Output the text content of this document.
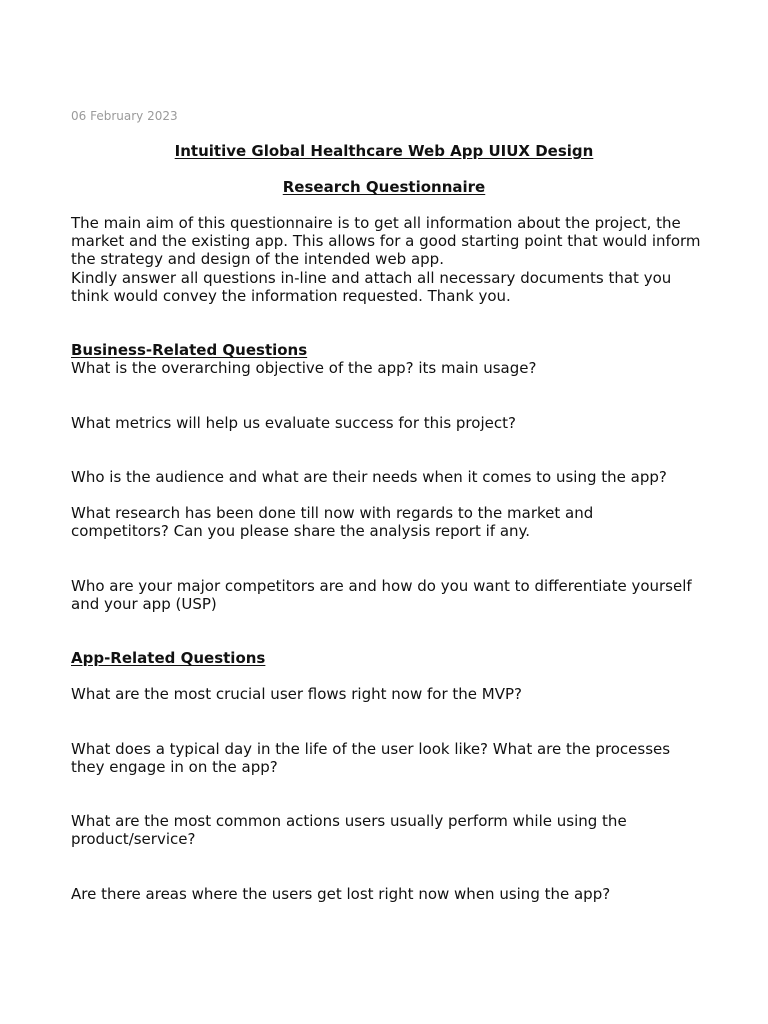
06 February 2023
Intuitive Global Healthcare Web App UIUX Design
Research Questionnaire

The main aim of this questionnaire is to get all information about the project, the market and the existing app. This allows for a good starting point that would inform the strategy and design of the intended web app.

Kindly answer all questions in-line and attach all necessary documents that you think would convey the information requested. Thank you.

Business-Related Questions
What is the overarching objective of the app? its main usage?
What metrics will help us evaluate success for this project?
Who is the audience and what are their needs when it comes to using the app?
What research has been done till now with regards to the market and competitors? Can you please share the analysis report if any.
Who are your major competitors are and how do you want to differentiate yourself and your app (USP)
App-Related Questions
What are the most crucial user flows right now for the MVP?
What does a typical day in the life of the user look like? What are the processes they engage in on the app?
What are the most common actions users usually perform while using the product/service?
Are there areas where the users get lost right now when using the app?
